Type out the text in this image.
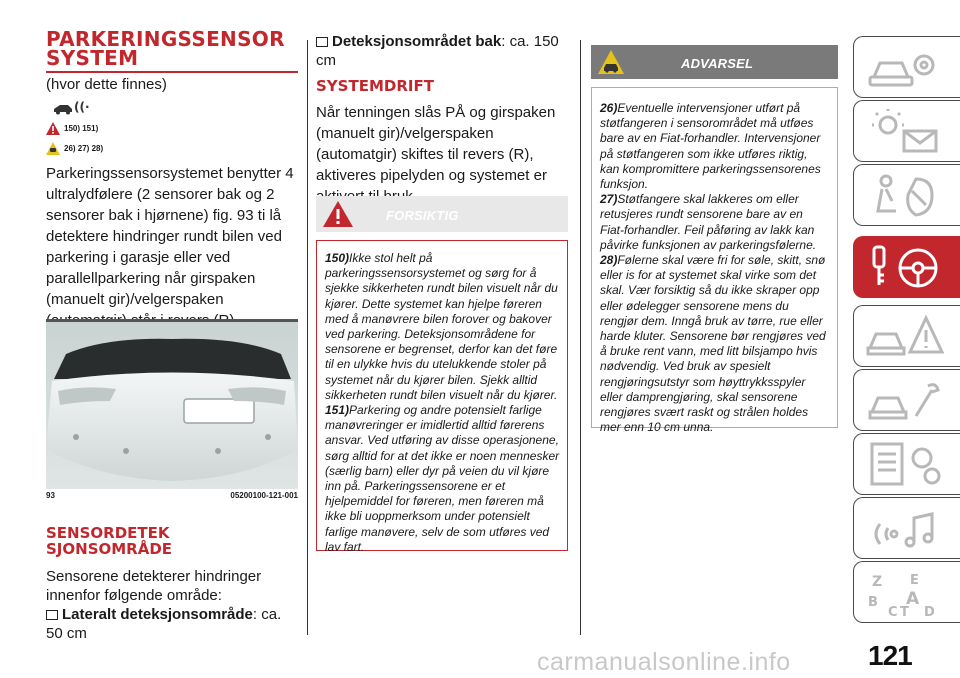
PARKERINGSSENSOR
SYSTEM
(hvor dette finnes)
((·
150) 151)
26) 27) 28)

Parkeringssensorsystemet benytter 4 ultralydfølere (2 sensorer bak og 2 sensorer bak i hjørnene) fig. 93 ti lå detektere hindringer rundt bilen ved parkering i garasje eller ved parallellparkering når girspaken (manuelt gir)/velgerspaken

93	05200100-121-001
SENSORDETEK
SJONSOMRÅDE

Sensorene detekterer hindringer innenfor følgende område:

Lateralt deteksjonsområde: ca. 50 cm

Deteksjonsområdet bak: ca. 150 cm

SYSTEMDRIFT

Når tenningen slås PÅ og girspaken (manuelt gir)/velgerspaken (automatgir) skiftes til revers (R), aktiveres pipelyden og systemet er

FORSIKTIG

150)Ikke stol helt på parkeringssensorsystemet og sørg for å sjekke sikkerheten rundt bilen visuelt når du kjører. Dette systemet kan hjelpe føreren med å manøvrere bilen forover og bakover ved parkering. Deteksjonsområdene for sensorene er begrenset, derfor kan det føre til en ulykke hvis du utelukkende stoler på systemet når du kjører bilen. Sjekk alltid sikkerheten rundt bilen visuelt når du kjører.

151)Parkering og andre potensielt farlige manøvreringer er imidlertid alltid førerens ansvar. Ved utføring av disse operasjonene, sørg alltid for at det ikke er noen mennesker (særlig barn) eller dyr på veien du vil kjøre inn på. Parkeringssensorene er et hjelpemiddel for føreren, men føreren må ikke bli uoppmerksom under potensielt farlige manøvere, selv de som utføres ved lav fart.

ADVARSEL

26)Eventuelle intervensjoner utført på støtfangeren i sensorområdet må utføes bare av en Fiat-forhandler. Intervensjoner på støtfangeren som ikke utføres riktig, kan kompromittere parkeringssensorenes funksjon.

27)Støtfangere skal lakkeres om eller retusjeres rundt sensorene bare av en Fiat-forhandler. Feil påføring av lakk kan påvirke funksjonen av parkeringsfølerne.

28)Følerne skal være fri for søle, skitt, snø eller is for at systemet skal virke som det skal. Vær forsiktig så du ikke skraper opp eller ødelegger sensorene mens du rengjør dem. Inngå bruk av tørre, rue eller harde kluter. Sensorene bør rengjøres ved å bruke rent vann, med litt bilsjampo hvis nødvendig. Ved bruk av spesielt rengjøringsutstyr som høyttrykksspyler eller damprengjøring, skal sensorene rengjøres svært raskt og strålen holdes mer enn 10 cm unna.

Z E
B A
C T D
121
carmanualsonline.info
